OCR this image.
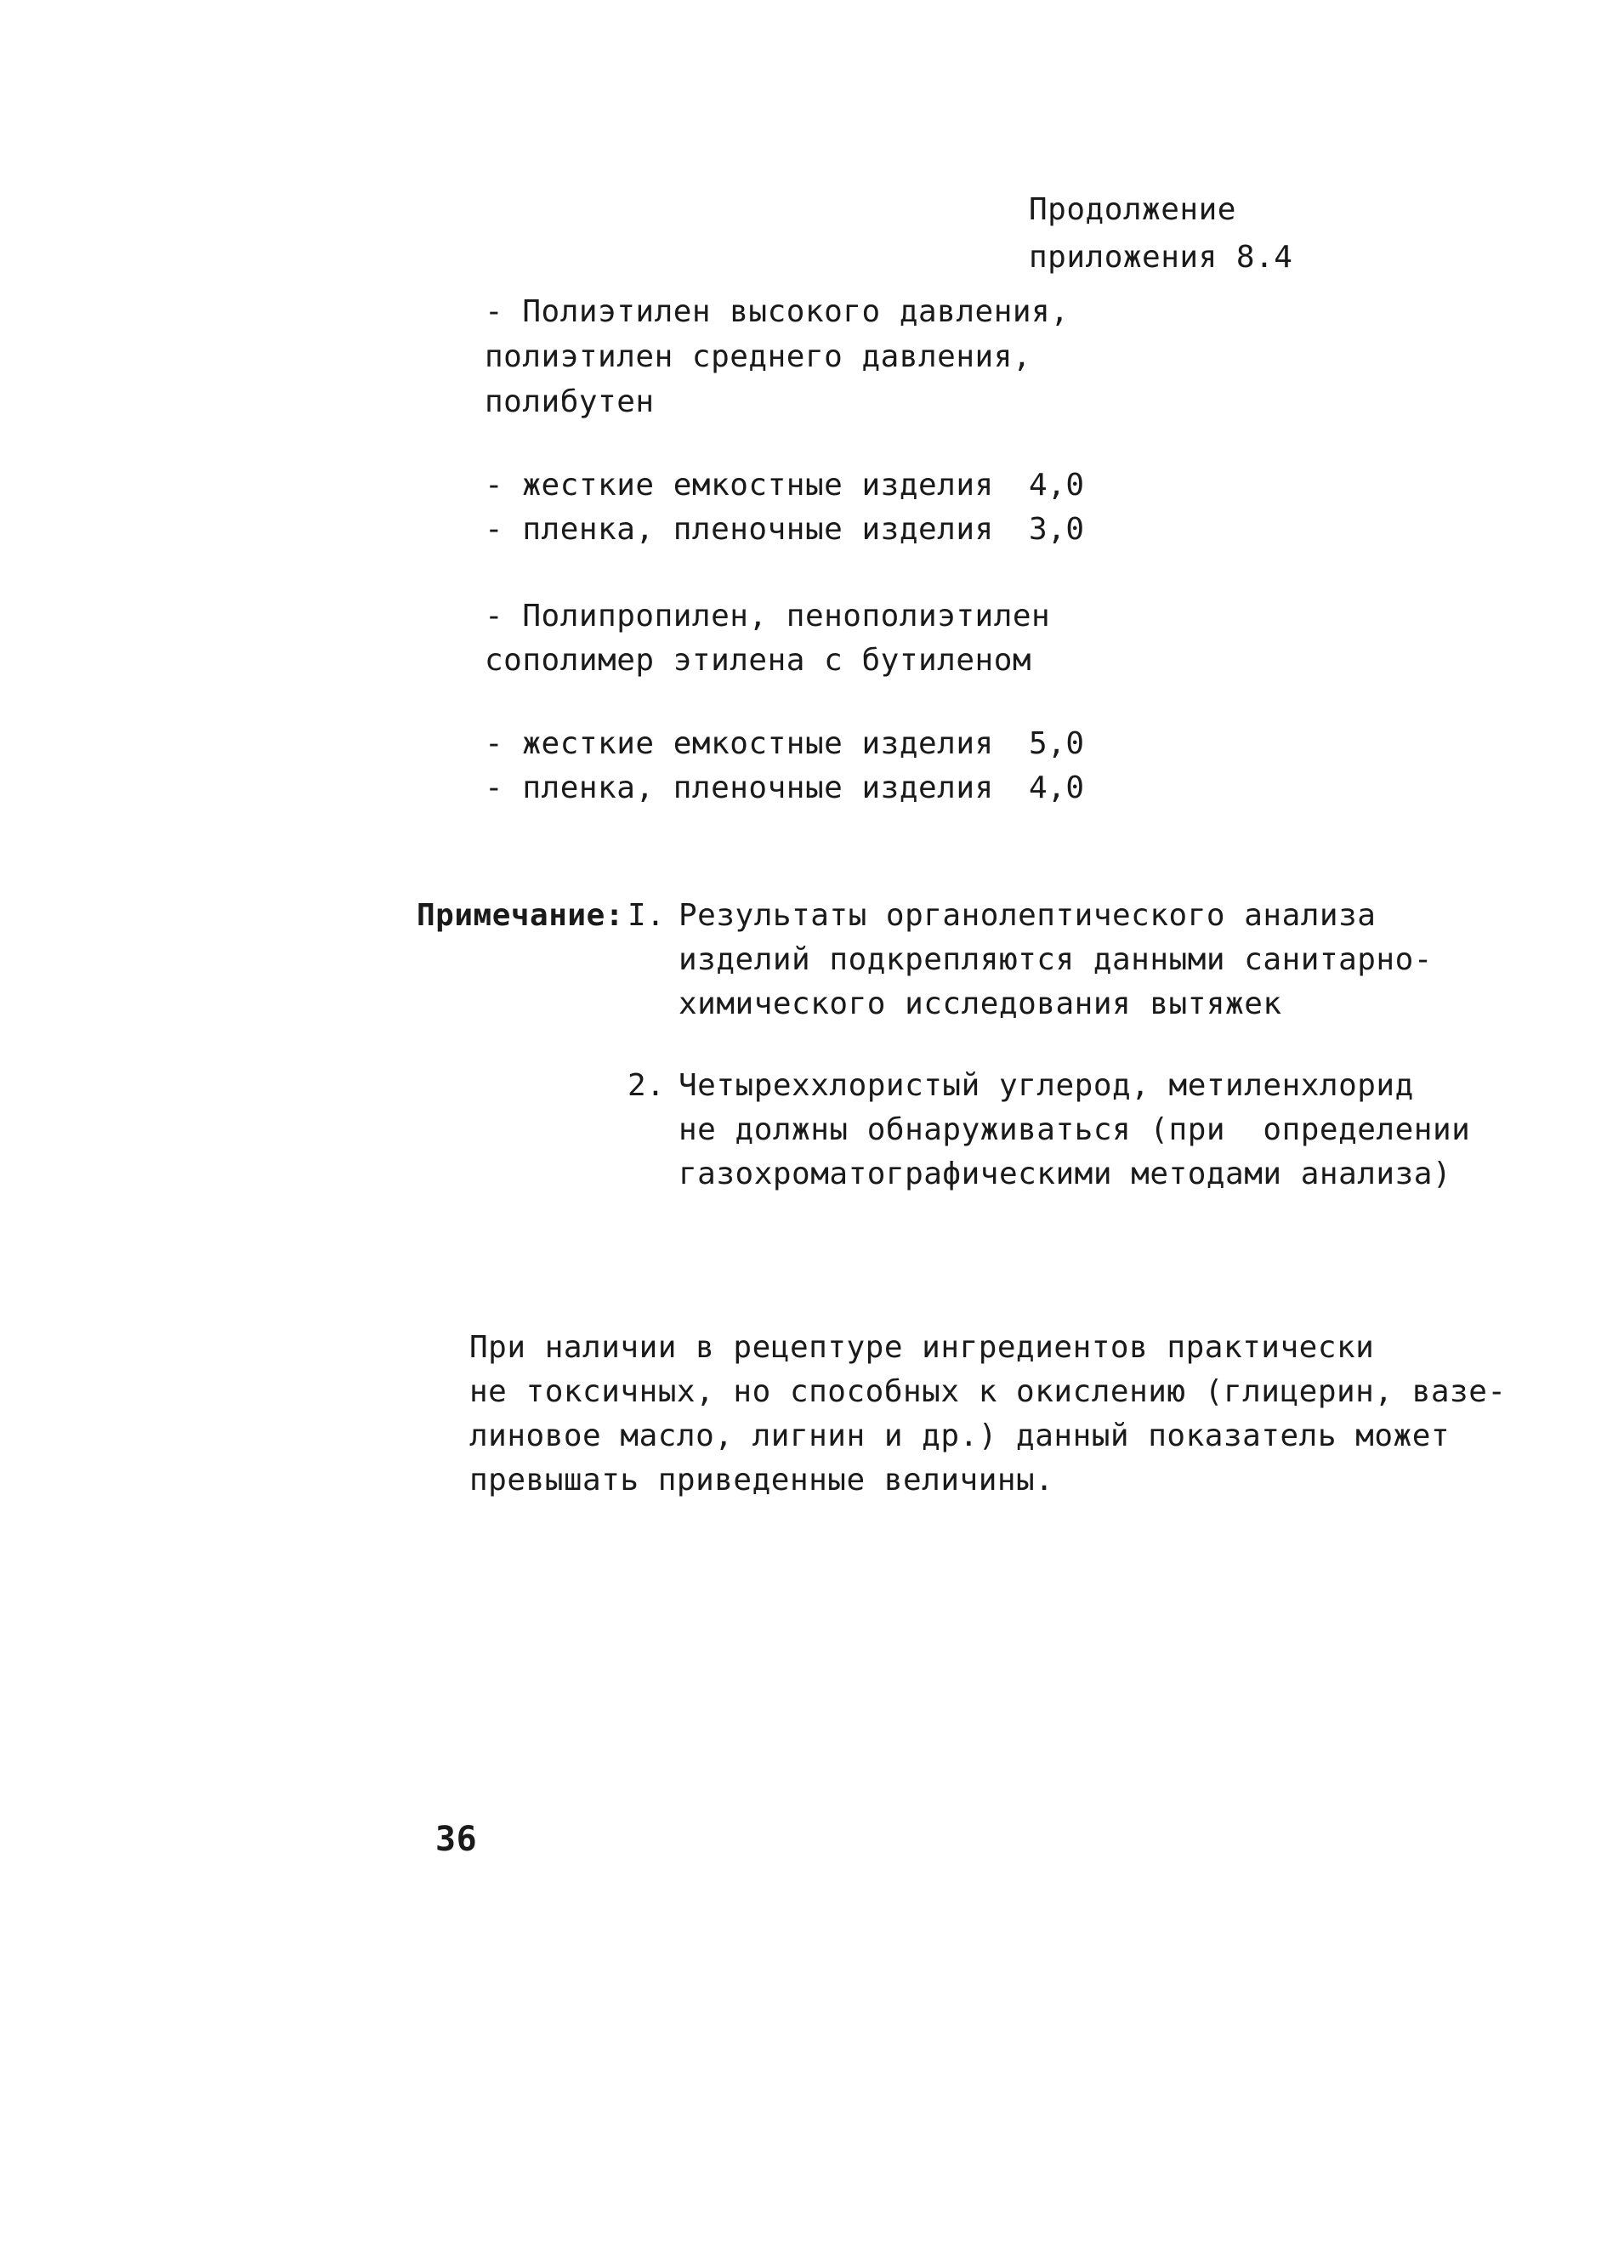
Продолжение
приложения 8.4
- Полиэтилен высокого давления,
полиэтилен среднего давления,
полибутен
- жесткие емкостные изделия 4,0
- пленка, пленочные изделия 3,0
- Полипропилен, пенополиэтилен
сополимер этилена с бутиленом
- жесткие емкостные изделия 5,0
- пленка, пленочные изделия 4,0
Примечание: I. Результаты органолептического анализа
изделий подкрепляются данными санитарно-
химического исследования вытяжек
2. Четыреххлористый углерод, метиленхлорид
не должны обнаруживаться (при  определении
газохроматографическими методами анализа)
При наличии в рецептуре ингредиентов практически
не токсичных, но способных к окислению (глицерин, вазе-
линовое масло, лигнин и др.) данный показатель может
превышать приведенные величины.
36
